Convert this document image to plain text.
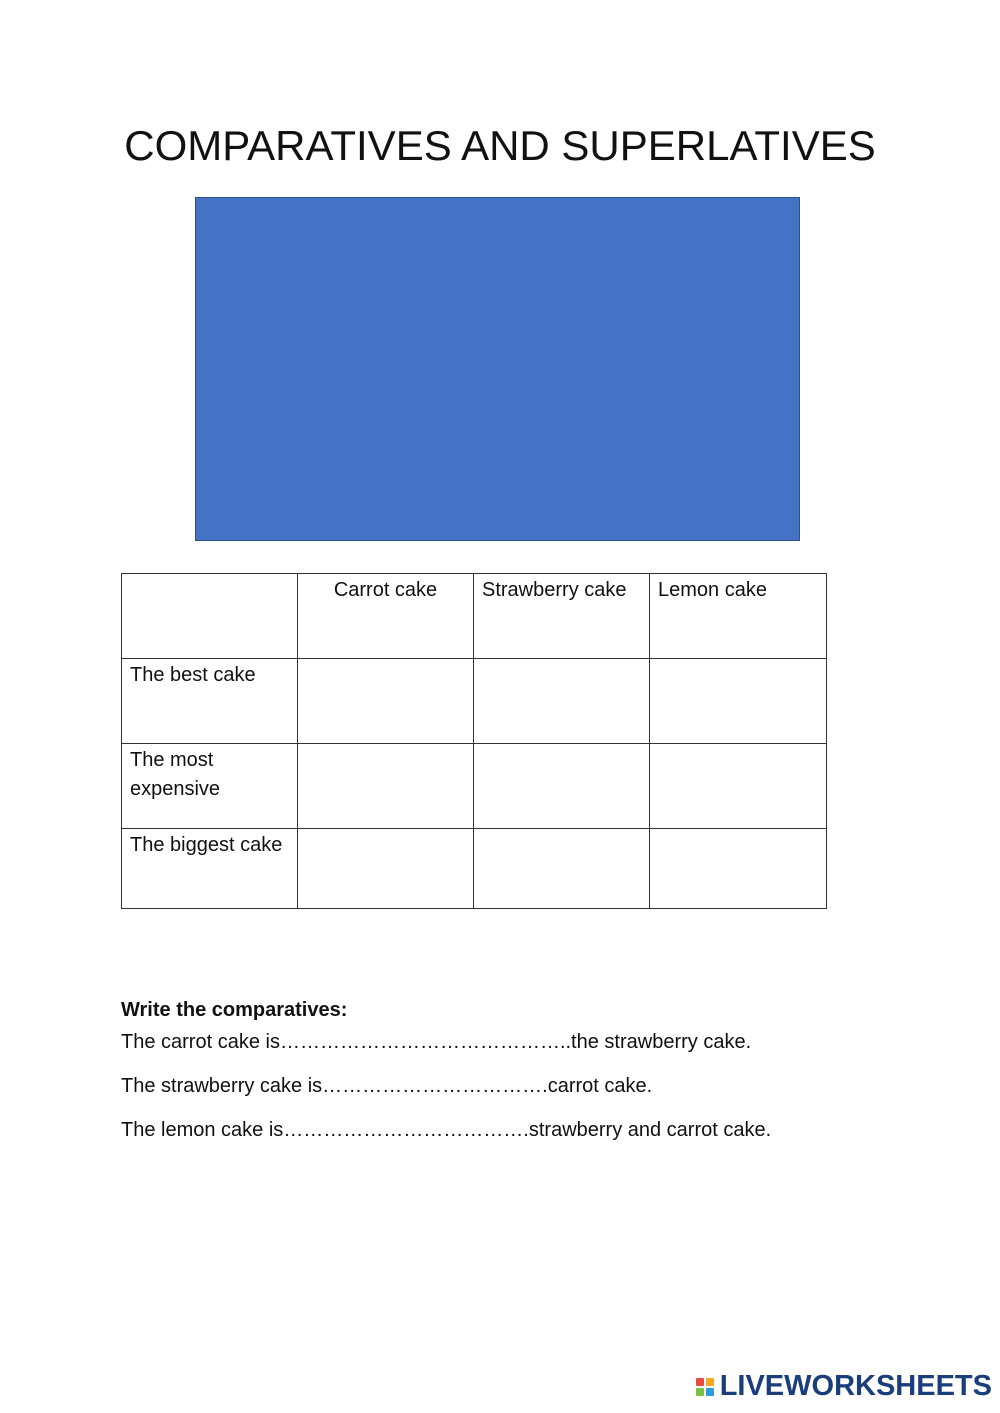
COMPARATIVES AND SUPERLATIVES
	Carrot cake	Strawberry cake	Lemon cake
The best cake			
The most expensive			
The biggest cake			

Write the comparatives:

The carrot cake is……………………………………..the strawberry cake.

The strawberry cake is…………………………….carrot cake.

The lemon cake is……………………………….strawberry and carrot cake.

LIVEWORKSHEETS
